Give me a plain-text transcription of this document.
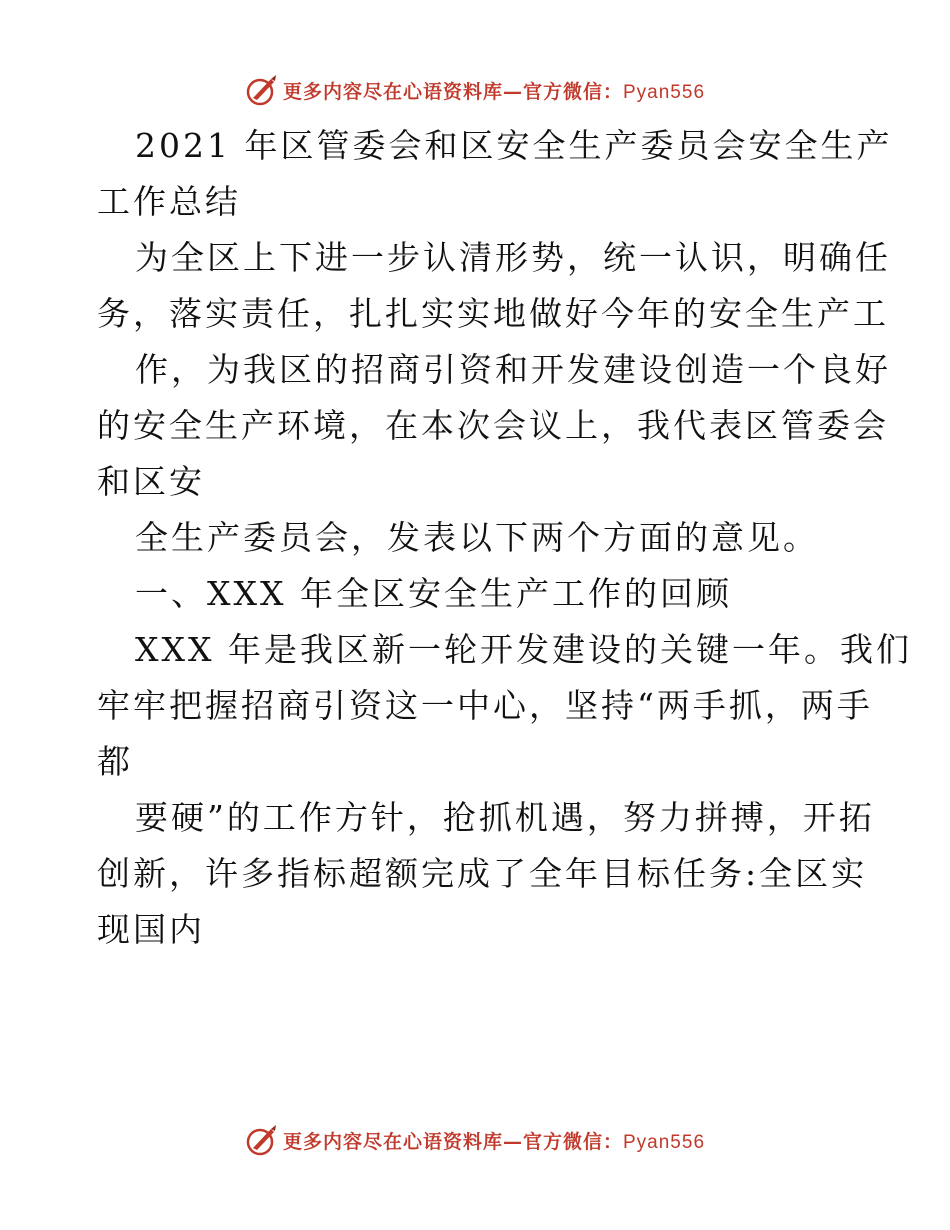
更多内容尽在心语资料库—官方微信：Pyan556
2021 年区管委会和区安全生产委员会安全生产
工作总结
为全区上下进一步认清形势，统一认识，明确任
务，落实责任，扎扎实实地做好今年的安全生产工
作，为我区的招商引资和开发建设创造一个良好
的安全生产环境，在本次会议上，我代表区管委会
和区安
全生产委员会，发表以下两个方面的意见。
一、XXX 年全区安全生产工作的回顾
XXX 年是我区新一轮开发建设的关键一年。我们
牢牢把握招商引资这一中心，坚持“两手抓，两手
都
要硬”的工作方针，抢抓机遇，努力拼搏，开拓
创新，许多指标超额完成了全年目标任务:全区实
现国内
更多内容尽在心语资料库—官方微信：Pyan556
